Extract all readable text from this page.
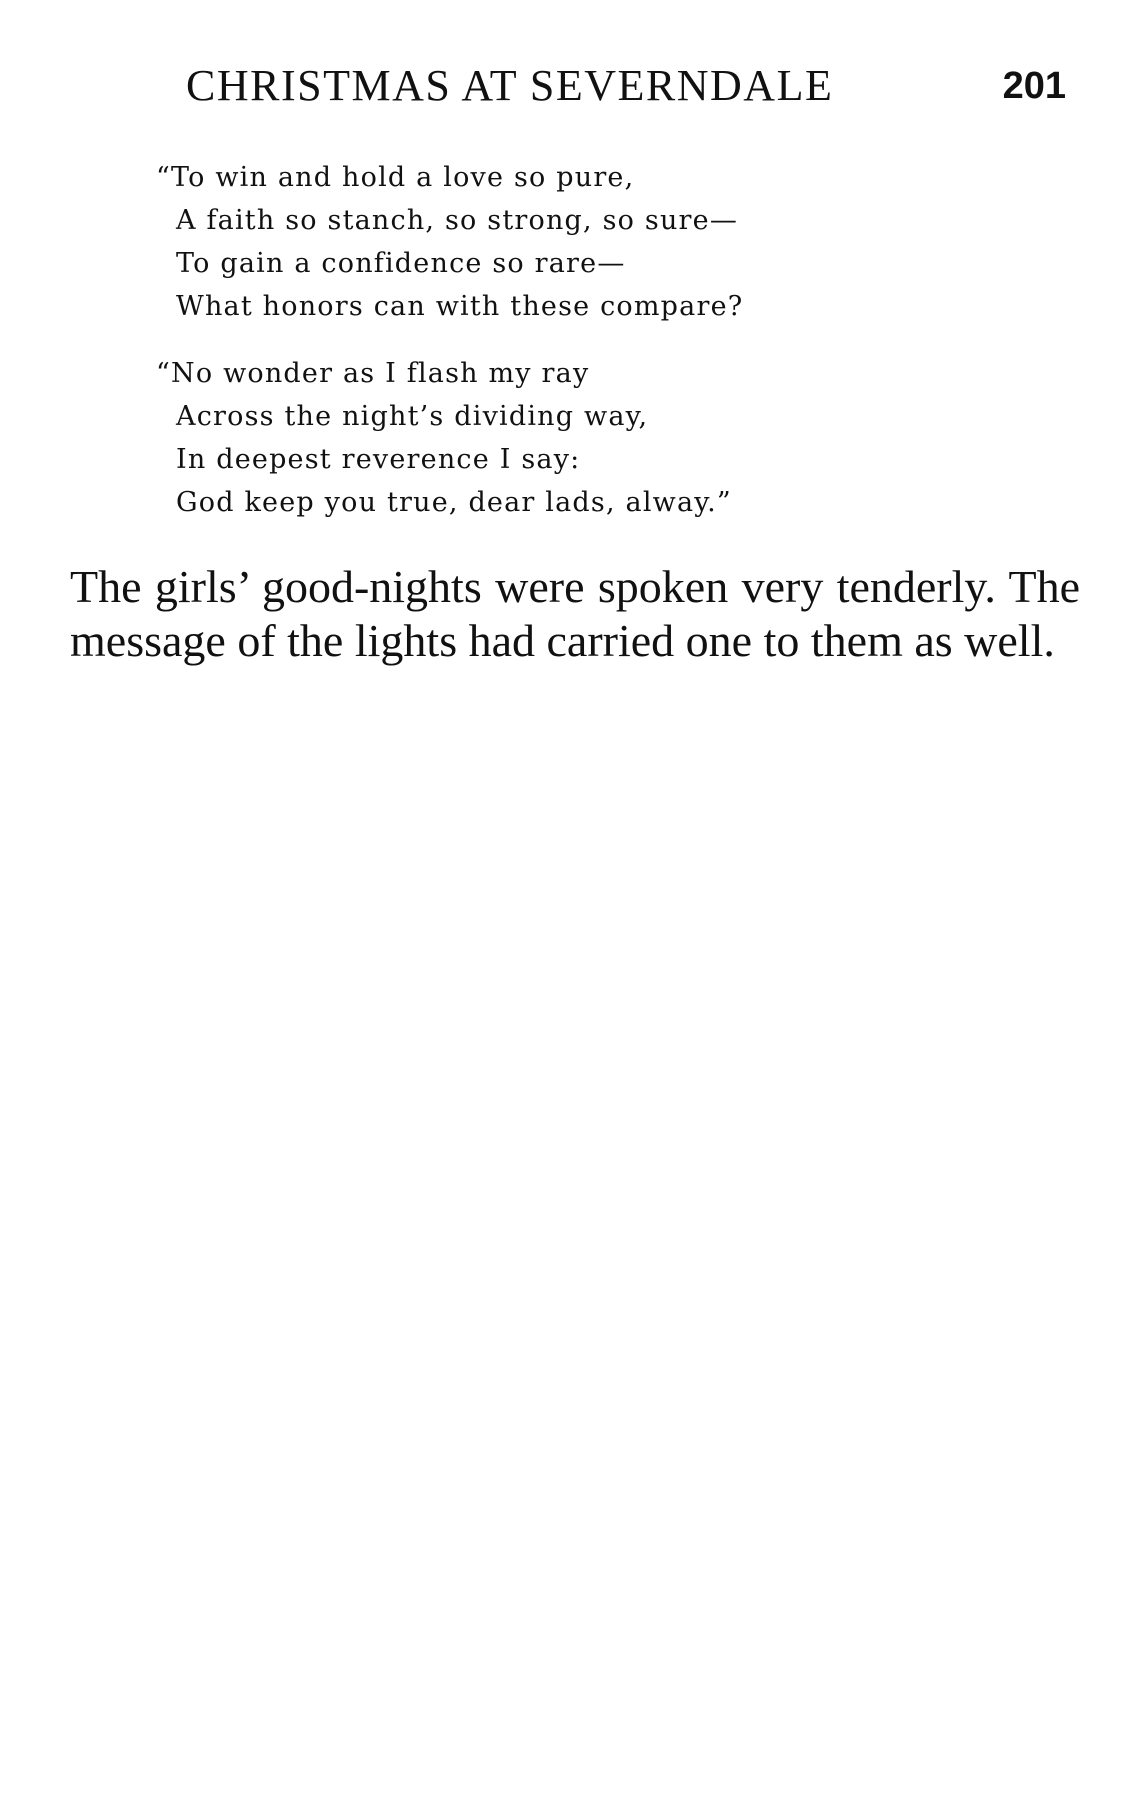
CHRISTMAS AT SEVERNDALE	201
“To win and hold a love so pure,
A faith so stanch, so strong, so sure—
To gain a confidence so rare—
What honors can with these compare?
“No wonder as I flash my ray
Across the night’s dividing way,
In deepest reverence I say:
God keep you true, dear lads, alway.”

The girls’ good-nights were spoken very tenderly. The message of the lights had carried one to them as well.
